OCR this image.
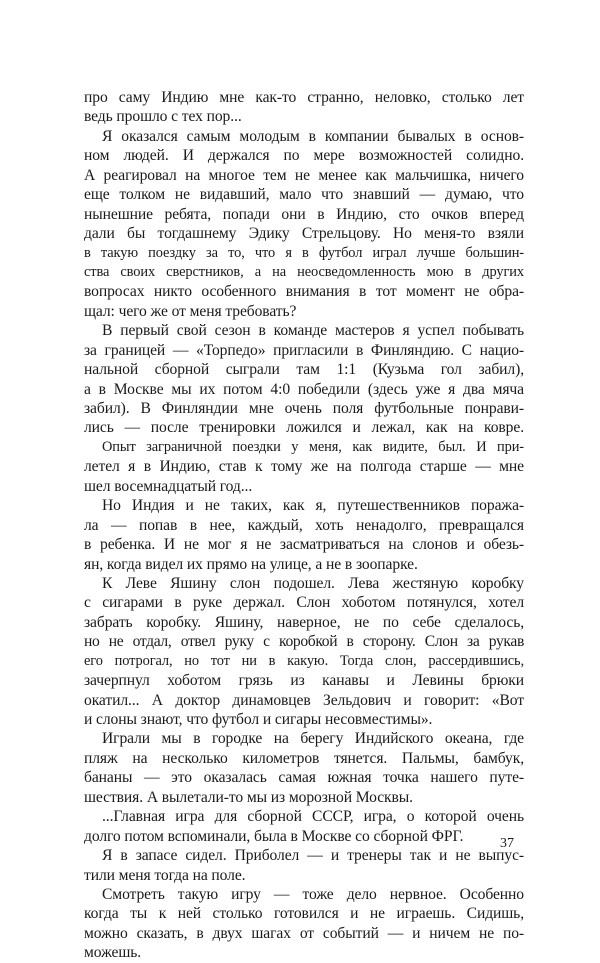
про саму Индию мне как-то странно, неловко, столько лет
ведь прошло с тех пор...
Я оказался самым молодым в компании бывалых в основ-
ном людей. И держался по мере возможностей солидно.
А реагировал на многое тем не менее как мальчишка, ничего
еще толком не видавший, мало что знавший — думаю, что
нынешние ребята, попади они в Индию, сто очков вперед
дали бы тогдашнему Эдику Стрельцову. Но меня-то взяли
в такую поездку за то, что я в футбол играл лучше большин-
ства своих сверстников, а на неосведомленность мою в других
вопросах никто особенного внимания в тот момент не обра-
щал: чего же от меня требовать?
В первый свой сезон в команде мастеров я успел побывать
за границей — «Торпедо» пригласили в Финляндию. С нацио-
нальной сборной сыграли там 1:1 (Кузьма гол забил),
а в Москве мы их потом 4:0 победили (здесь уже я два мяча
забил). В Финляндии мне очень поля футбольные понрави-
лись — после тренировки ложился и лежал, как на ковре.
Опыт заграничной поездки у меня, как видите, был. И при-
летел я в Индию, став к тому же на полгода старше — мне
шел восемнадцатый год...
Но Индия и не таких, как я, путешественников поража-
ла — попав в нее, каждый, хоть ненадолго, превращался
в ребенка. И не мог я не засматриваться на слонов и обезь-
ян, когда видел их прямо на улице, а не в зоопарке.
К Леве Яшину слон подошел. Лева жестяную коробку
с сигарами в руке держал. Слон хоботом потянулся, хотел
забрать коробку. Яшину, наверное, не по себе сделалось,
но не отдал, отвел руку с коробкой в сторону. Слон за рукав
его потрогал, но тот ни в какую. Тогда слон, рассердившись,
зачерпнул хоботом грязь из канавы и Левины брюки
окатил... А доктор динамовцев Зельдович и говорит: «Вот
и слоны знают, что футбол и сигары несовместимы».
Играли мы в городке на берегу Индийского океана, где
пляж на несколько километров тянется. Пальмы, бамбук,
бананы — это оказалась самая южная точка нашего путе-
шествия. А вылетали-то мы из морозной Москвы.
...Главная игра для сборной СССР, игра, о которой очень
долго потом вспоминали, была в Москве со сборной ФРГ.
Я в запасе сидел. Приболел — и тренеры так и не выпус-
тили меня тогда на поле.
Смотреть такую игру — тоже дело нервное. Особенно
когда ты к ней столько готовился и не играешь. Сидишь,
можно сказать, в двух шагах от событий — и ничем не по-
можешь.
37
